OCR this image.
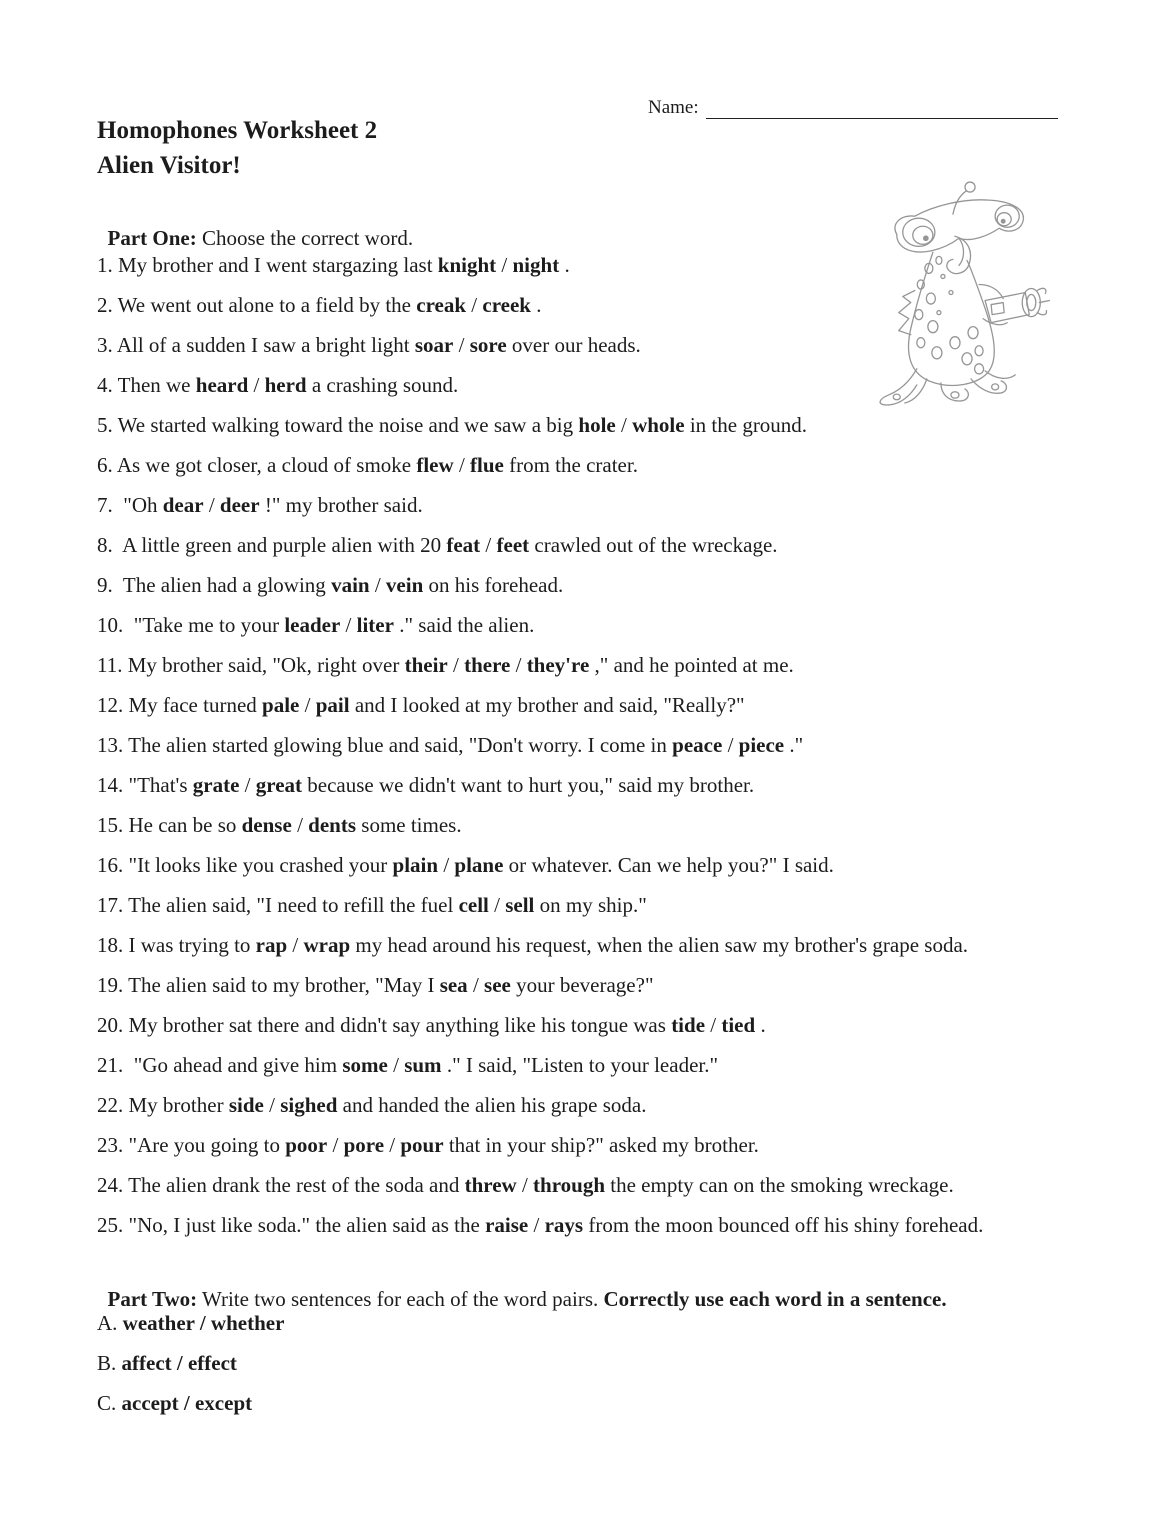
Name:
Homophones Worksheet 2
Alien Visitor!

Part One: Choose the correct word.

1. My brother and I went stargazing last knight / night .
2. We went out alone to a field by the creak / creek .
3. All of a sudden I saw a bright light soar / sore over our heads.
4. Then we heard / herd a crashing sound.
5. We started walking toward the noise and we saw a big hole / whole in the ground.
6. As we got closer, a cloud of smoke flew / flue from the crater.
7.  "Oh dear / deer !" my brother said.
8.  A little green and purple alien with 20 feat / feet crawled out of the wreckage.
9.  The alien had a glowing vain / vein on his forehead.
10.  "Take me to your leader / liter ." said the alien.
11. My brother said, "Ok, right over their / there / they're ," and he pointed at me.
12. My face turned pale / pail and I looked at my brother and said, "Really?"
13. The alien started glowing blue and said, "Don't worry. I come in peace / piece ."
14. "That's grate / great because we didn't want to hurt you," said my brother.
15. He can be so dense / dents some times.
16. "It looks like you crashed your plain / plane or whatever. Can we help you?" I said.
17. The alien said, "I need to refill the fuel cell / sell on my ship."
18. I was trying to rap / wrap my head around his request, when the alien saw my brother's grape soda.
19. The alien said to my brother, "May I sea / see your beverage?"
20. My brother sat there and didn't say anything like his tongue was tide / tied .
21.  "Go ahead and give him some / sum ." I said, "Listen to your leader."
22. My brother side / sighed and handed the alien his grape soda.
23. "Are you going to poor / pore / pour that in your ship?" asked my brother.
24. The alien drank the rest of the soda and threw / through the empty can on the smoking wreckage.
25. "No, I just like soda." the alien said as the raise / rays from the moon bounced off his shiny forehead.

Part Two: Write two sentences for each of the word pairs. Correctly use each word in a sentence.

A. weather / whether
B. affect / effect
C. accept / except
